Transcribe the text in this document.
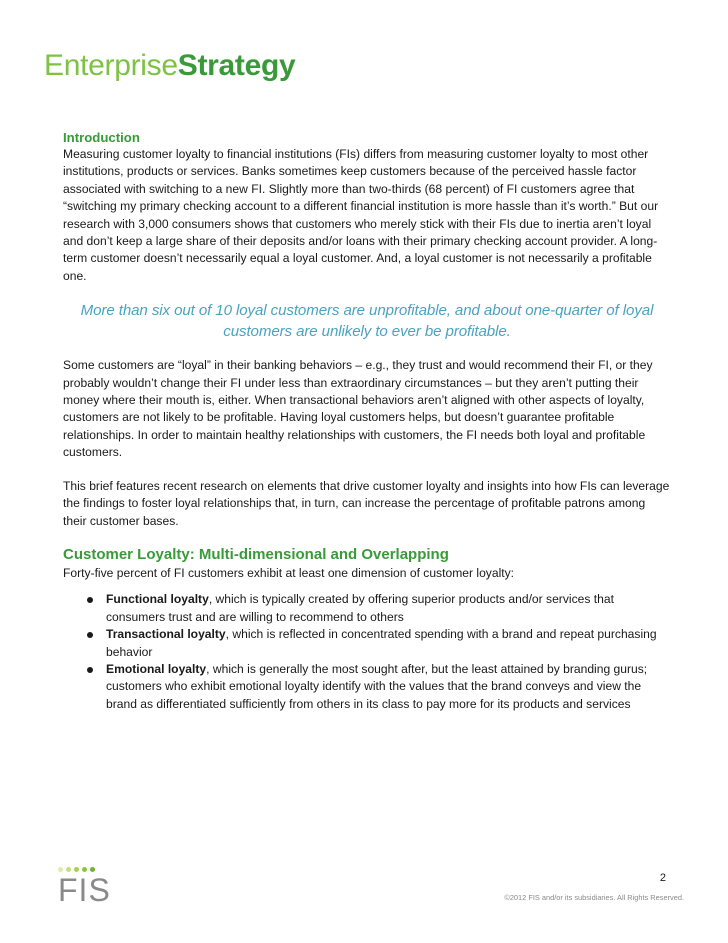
EnterpriseStrategy
Introduction

Measuring customer loyalty to financial institutions (FIs) differs from measuring customer loyalty to most other institutions, products or services. Banks sometimes keep customers because of the perceived hassle factor associated with switching to a new FI. Slightly more than two-thirds (68 percent) of FI customers agree that “switching my primary checking account to a different financial institution is more hassle than it’s worth.” But our research with 3,000 consumers shows that customers who merely stick with their FIs due to inertia aren’t loyal and don’t keep a large share of their deposits and/or loans with their primary checking account provider. A long-term customer doesn’t necessarily equal a loyal customer. And, a loyal customer is not necessarily a profitable one.

More than six out of 10 loyal customers are unprofitable, and about one-quarter of loyal customers are unlikely to ever be profitable.

Some customers are “loyal” in their banking behaviors – e.g., they trust and would recommend their FI, or they probably wouldn’t change their FI under less than extraordinary circumstances – but they aren’t putting their money where their mouth is, either. When transactional behaviors aren’t aligned with other aspects of loyalty, customers are not likely to be profitable. Having loyal customers helps, but doesn’t guarantee profitable relationships. In order to maintain healthy relationships with customers, the FI needs both loyal and profitable customers.

This brief features recent research on elements that drive customer loyalty and insights into how FIs can leverage the findings to foster loyal relationships that, in turn, can increase the percentage of profitable patrons among their customer bases.

Customer Loyalty: Multi-dimensional and Overlapping

Forty-five percent of FI customers exhibit at least one dimension of customer loyalty:

Functional loyalty, which is typically created by offering superior products and/or services that consumers trust and are willing to recommend to others
Transactional loyalty, which is reflected in concentrated spending with a brand and repeat purchasing behavior
Emotional loyalty, which is generally the most sought after, but the least attained by branding gurus; customers who exhibit emotional loyalty identify with the values that the brand conveys and view the brand as differentiated sufficiently from others in its class to pay more for its products and services
FIS	2
©2012 FIS and/or its subsidiaries. All Rights Reserved.
